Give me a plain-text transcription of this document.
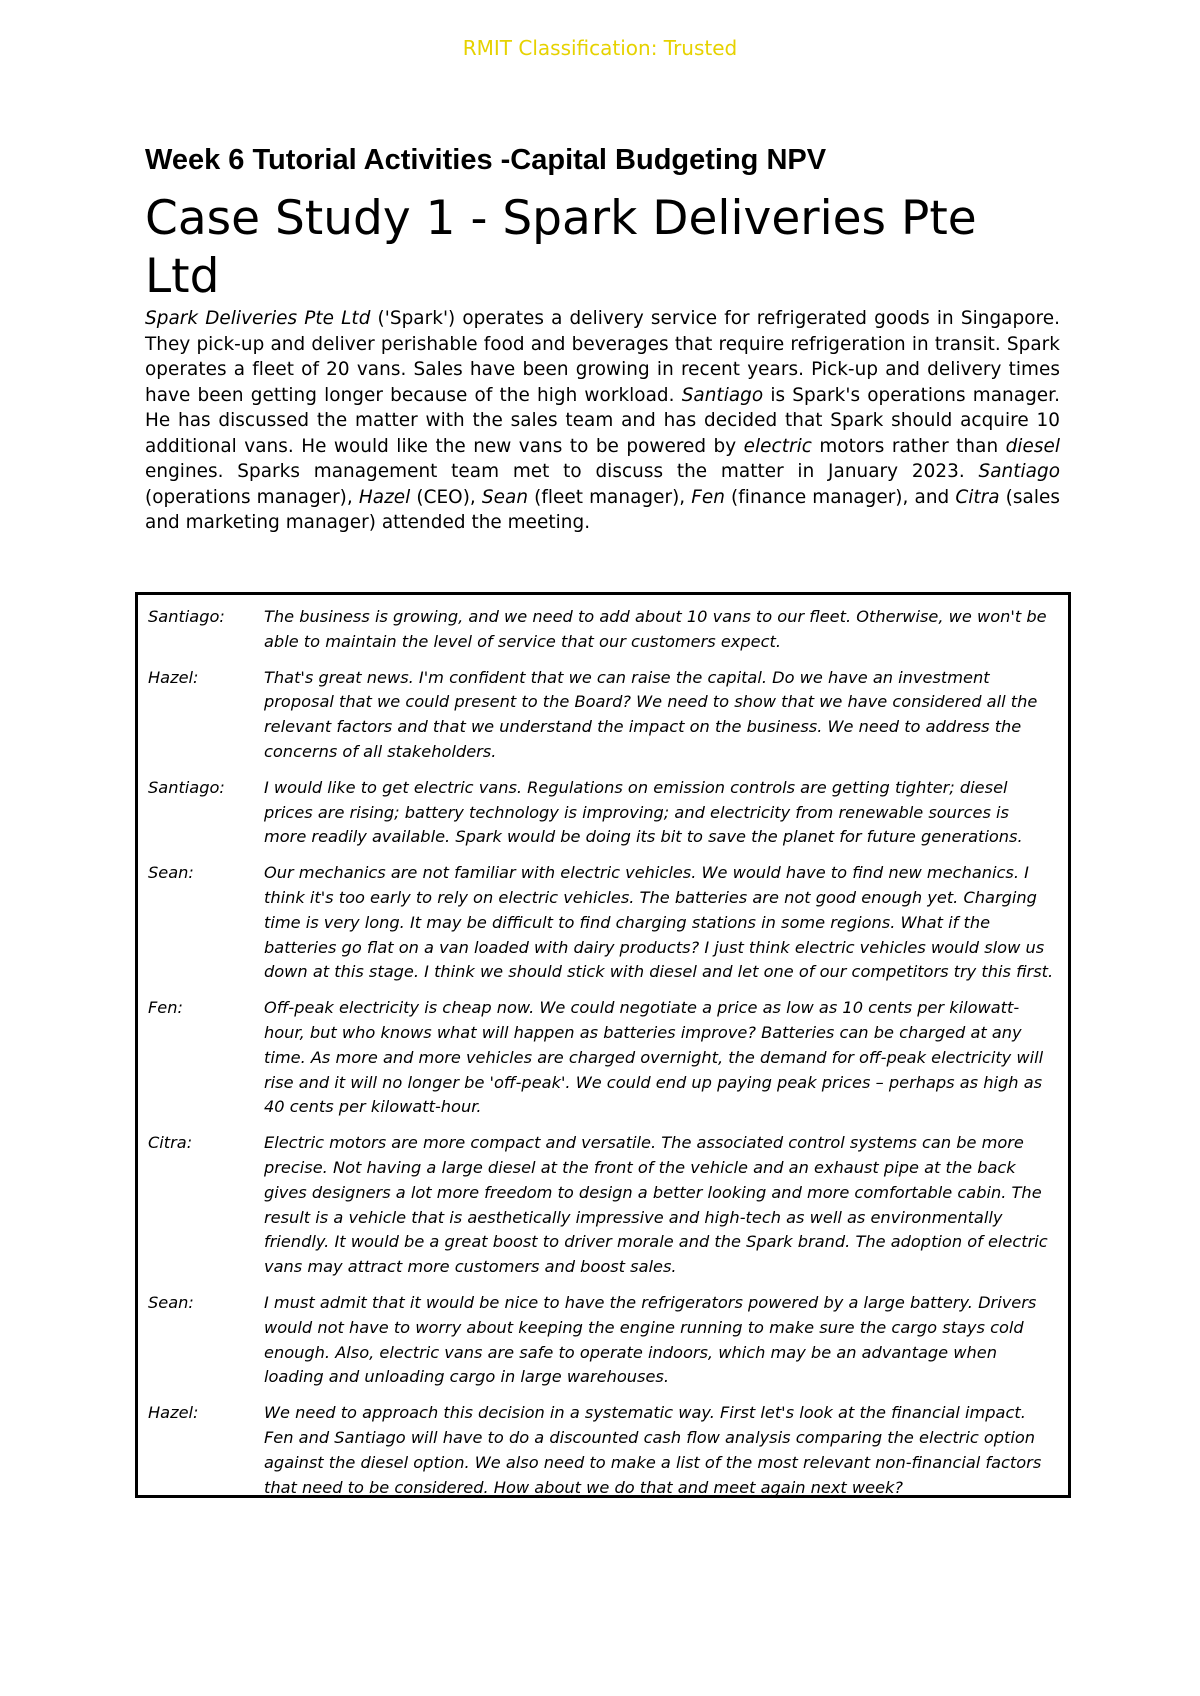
RMIT Classification: Trusted
Week 6 Tutorial Activities -Capital Budgeting NPV
Case Study 1 - Spark Deliveries Pte Ltd

Spark Deliveries Pte Ltd ('Spark') operates a delivery service for refrigerated goods in Singapore. They pick-up and deliver perishable food and beverages that require refrigeration in transit. Spark operates a fleet of 20 vans. Sales have been growing in recent years. Pick-up and delivery times have been getting longer because of the high workload. Santiago is Spark's operations manager. He has discussed the matter with the sales team and has decided that Spark should acquire 10 additional vans. He would like the new vans to be powered by electric motors rather than diesel engines. Sparks management team met to discuss the matter in January 2023. Santiago (operations manager), Hazel (CEO), Sean (fleet manager), Fen (finance manager), and Citra (sales and marketing manager) attended the meeting.

Santiago:	The business is growing, and we need to add about 10 vans to our fleet. Otherwise, we won't be able to maintain the level of service that our customers expect.
Hazel:	That's great news. I'm confident that we can raise the capital. Do we have an investment proposal that we could present to the Board? We need to show that we have considered all the relevant factors and that we understand the impact on the business. We need to address the concerns of all stakeholders.
Santiago:	I would like to get electric vans. Regulations on emission controls are getting tighter; diesel prices are rising; battery technology is improving; and electricity from renewable sources is more readily available. Spark would be doing its bit to save the planet for future generations.
Sean:	Our mechanics are not familiar with electric vehicles. We would have to find new mechanics. I think it's too early to rely on electric vehicles. The batteries are not good enough yet. Charging time is very long. It may be difficult to find charging stations in some regions. What if the batteries go flat on a van loaded with dairy products? I just think electric vehicles would slow us down at this stage. I think we should stick with diesel and let one of our competitors try this first.
Fen:	Off-peak electricity is cheap now. We could negotiate a price as low as 10 cents per kilowatt-hour, but who knows what will happen as batteries improve? Batteries can be charged at any time. As more and more vehicles are charged overnight, the demand for off-peak electricity will rise and it will no longer be 'off-peak'. We could end up paying peak prices – perhaps as high as 40 cents per kilowatt-hour.
Citra:	Electric motors are more compact and versatile. The associated control systems can be more precise. Not having a large diesel at the front of the vehicle and an exhaust pipe at the back gives designers a lot more freedom to design a better looking and more comfortable cabin. The result is a vehicle that is aesthetically impressive and high-tech as well as environmentally friendly. It would be a great boost to driver morale and the Spark brand. The adoption of electric vans may attract more customers and boost sales.
Sean:	I must admit that it would be nice to have the refrigerators powered by a large battery. Drivers would not have to worry about keeping the engine running to make sure the cargo stays cold enough. Also, electric vans are safe to operate indoors, which may be an advantage when loading and unloading cargo in large warehouses.
Hazel:	We need to approach this decision in a systematic way. First let's look at the financial impact. Fen and Santiago will have to do a discounted cash flow analysis comparing the electric option against the diesel option. We also need to make a list of the most relevant non-financial factors that need to be considered. How about we do that and meet again next week?
